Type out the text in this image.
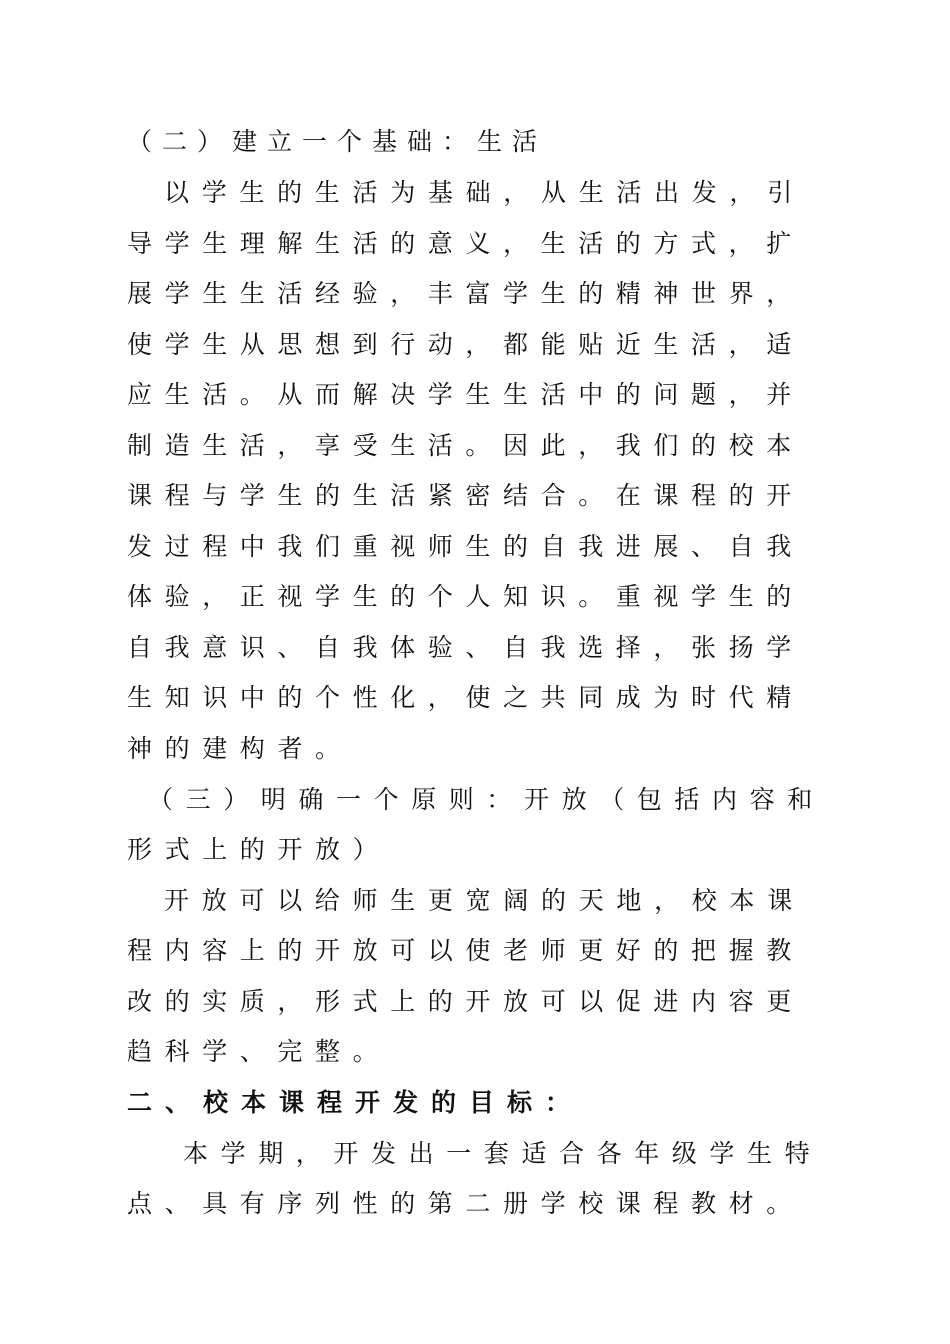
（二）建立一个基础：生活
以学生的生活为基础，从生活出发，引
导学生理解生活的意义，生活的方式，扩
展学生生活经验，丰富学生的精神世界，
使学生从思想到行动，都能贴近生活，适
应生活。从而解决学生生活中的问题，并
制造生活，享受生活。因此，我们的校本
课程与学生的生活紧密结合。在课程的开
发过程中我们重视师生的自我进展、自我
体验，正视学生的个人知识。重视学生的
自我意识、自我体验、自我选择，张扬学
生知识中的个性化，使之共同成为时代精
神的建构者。
（三）明确一个原则：开放（包括内容和
形式上的开放）
开放可以给师生更宽阔的天地，校本课
程内容上的开放可以使老师更好的把握教
改的实质，形式上的开放可以促进内容更
趋科学、完整。
二、校本课程开发的目标：
本学期，开发出一套适合各年级学生特
点、具有序列性的第二册学校课程教材。
